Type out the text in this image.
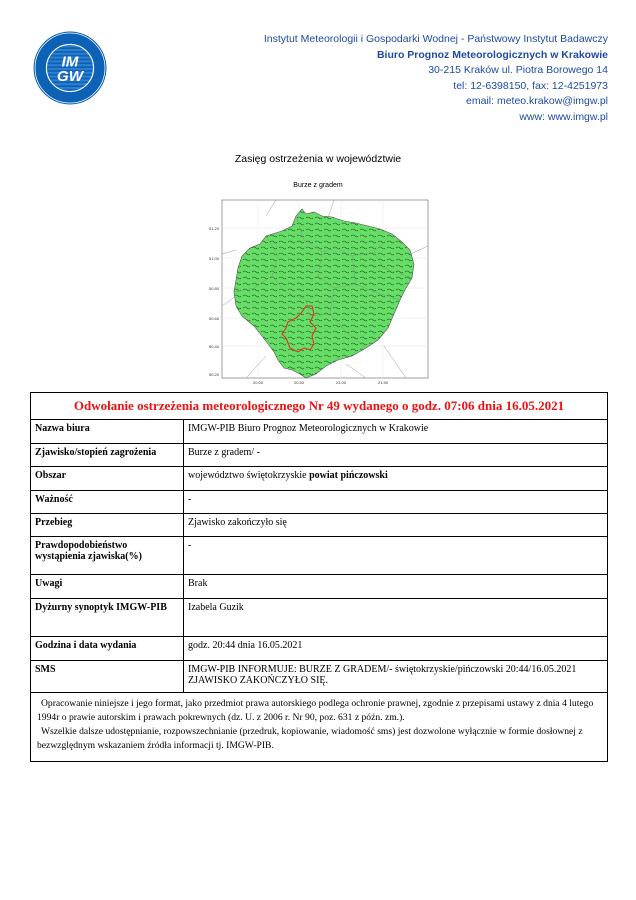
INSTYTUT METEOROLOGII I GOSPODARKI WODNEJ · PAŃSTWOWY INSTYTUT BADAWCZY
IM
GW
Instytut Meteorologii i Gospodarki Wodnej - Państwowy Instytut Badawczy
Biuro Prognoz Meteorologicznych w Krakowie
30-215 Kraków ul. Piotra Borowego 14
tel: 12-6398150, fax: 12-4251973
email: meteo.krakow@imgw.pl
www: www.imgw.pl
Zasięg ostrzeżenia w województwie
Burze z gradem
51.20
51.00
50.80
50.60
50.40
50.20
20.00	20.50	21.00	21.50
Odwołanie ostrzeżenia meteorologicznego Nr 49 wydanego o godz. 07:06 dnia 16.05.2021	
Nazwa biura	IMGW-PIB Biuro Prognoz Meteorologicznych w Krakowie
Zjawisko/stopień zagrożenia	Burze z gradem/ -
Obszar	województwo świętokrzyskie powiat pińczowski
Ważność	-
Przebieg	Zjawisko zakończyło się
Prawdopodobieństwo wystąpienia zjawiska(%)	-
Uwagi	Brak
Dyżurny synoptyk IMGW-PIB	Izabela Guzik
Godzina i data wydania	godz. 20:44 dnia 16.05.2021
SMS	IMGW-PIB INFORMUJE: BURZE Z GRADEM/- świętokrzyskie/pińczowski 20:44/16.05.2021 ZJAWISKO ZAKOŃCZYŁO SIĘ.

Opracowanie niniejsze i jego format, jako przedmiot prawa autorskiego podlega ochronie prawnej, zgodnie z przepisami ustawy z dnia 4 lutego 1994r o prawie autorskim i prawach pokrewnych (dz. U. z 2006 r. Nr 90, poz. 631 z późn. zm.).
Wszelkie dalsze udostępnianie, rozpowszechnianie (przedruk, kopiowanie, wiadomość sms) jest dozwolone wyłącznie w formie dosłownej z bezwzględnym wskazaniem źródła informacji tj. IMGW-PIB.	
